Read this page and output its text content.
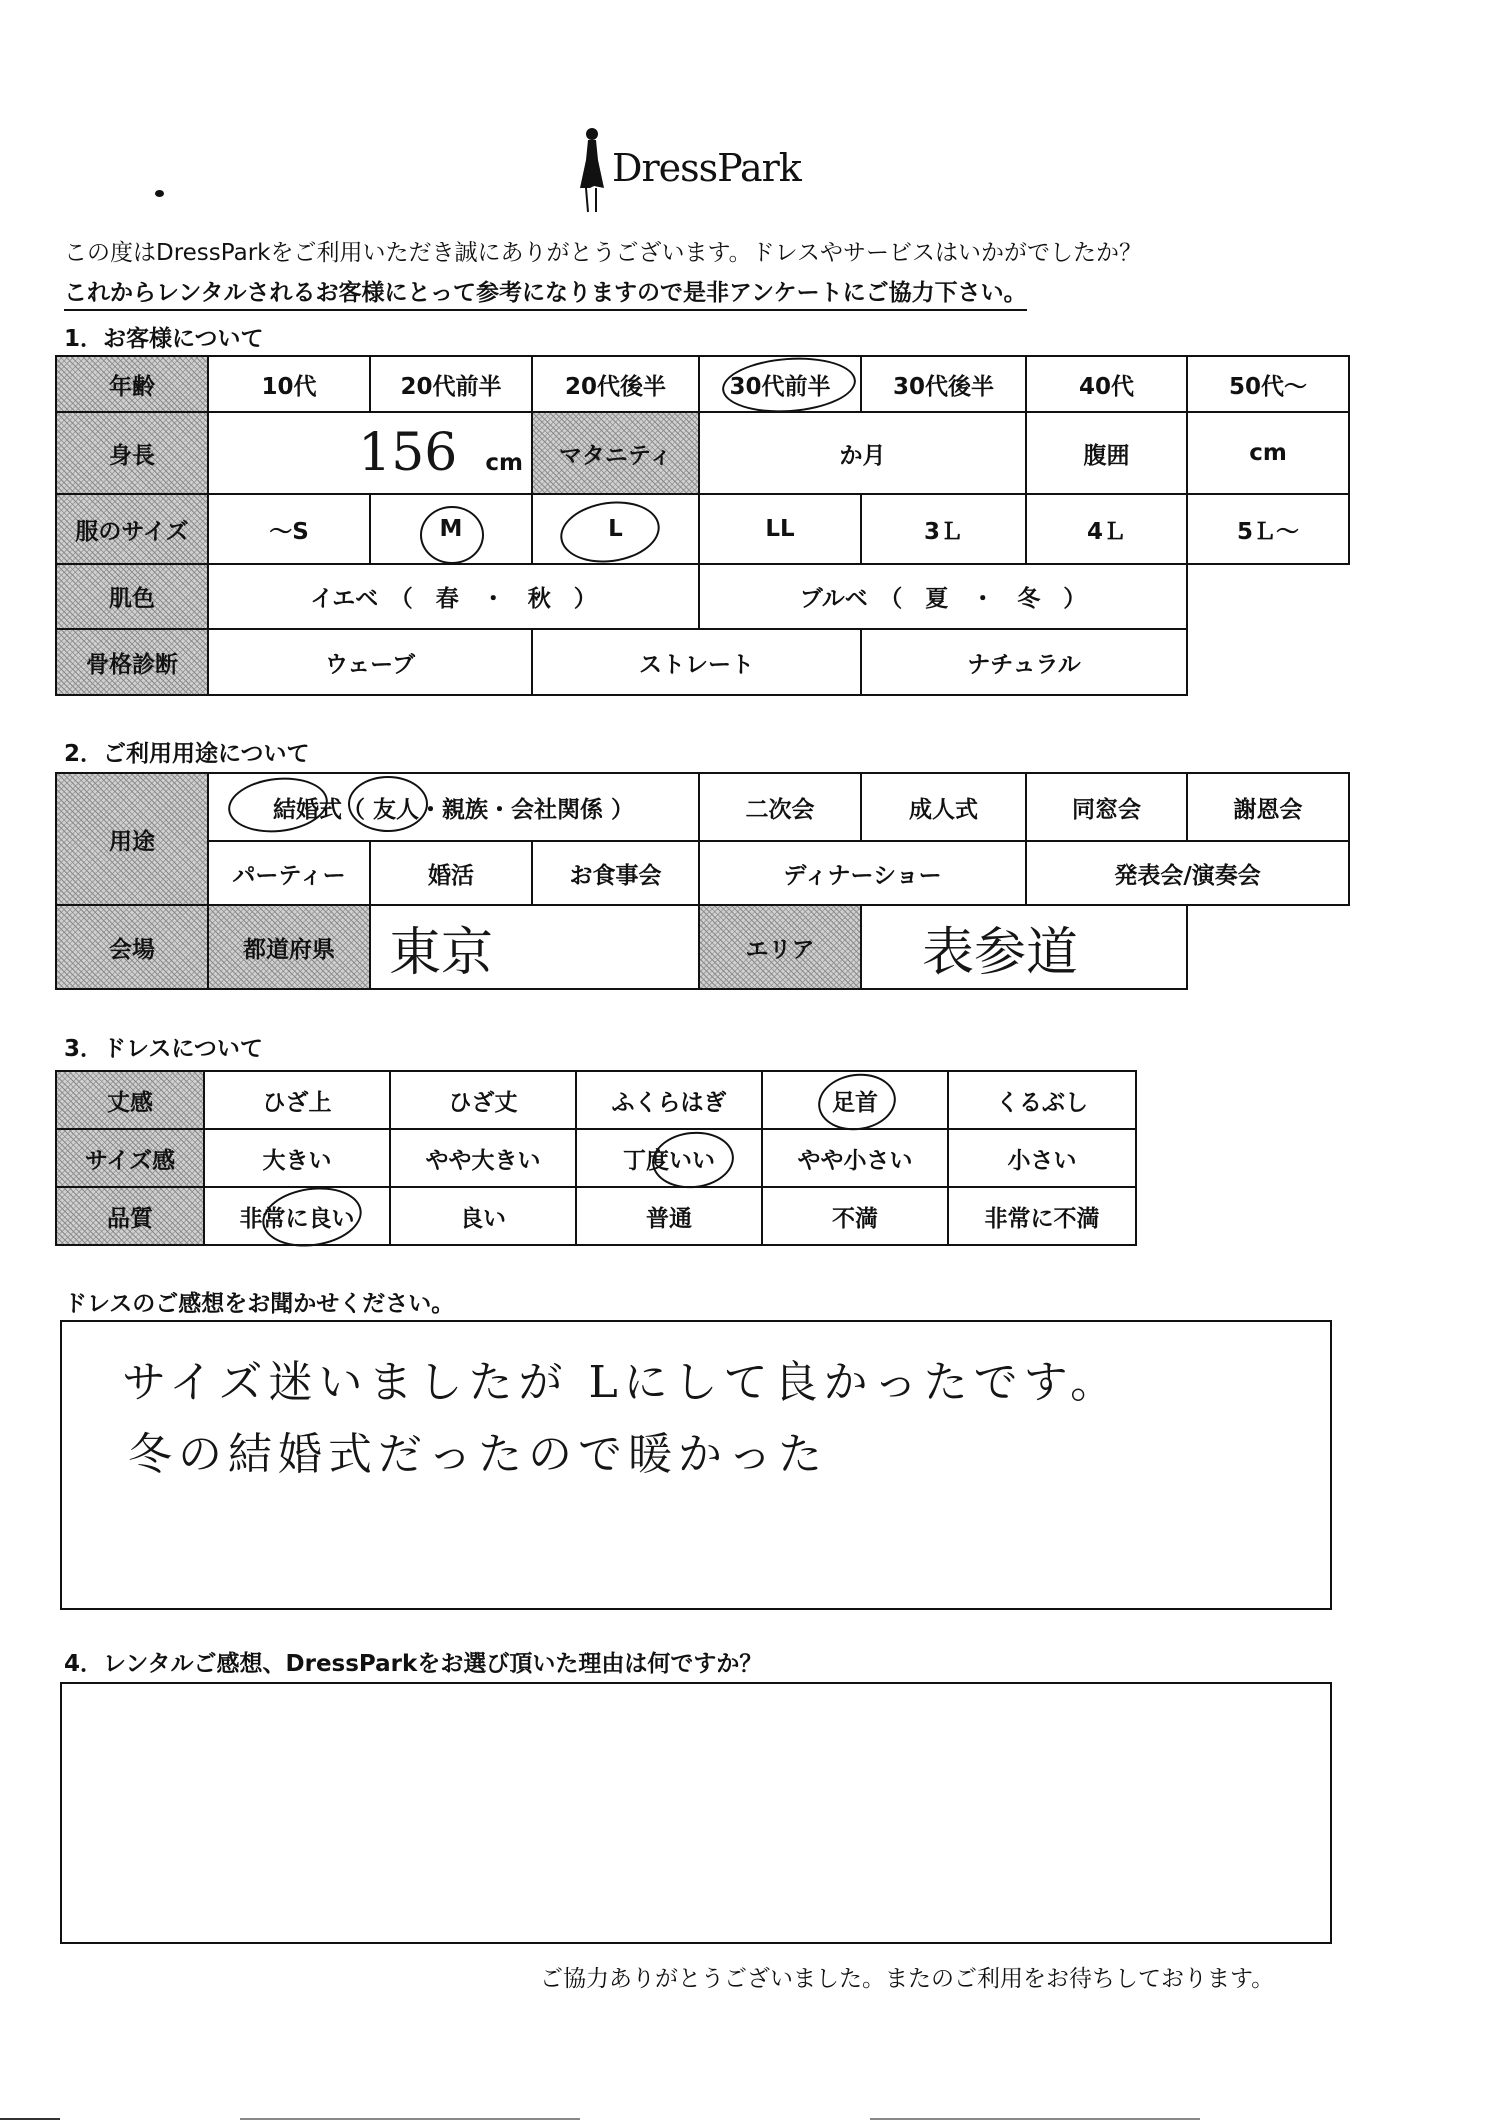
DressPark
この度はDressParkをご利用いただき誠にありがとうございます。ドレスやサービスはいかがでしたか？
これからレンタルされるお客様にとって参考になりますので是非アンケートにご協力下さい。
1．お客様について
年齢	10代	20代前半	20代後半	30代前半	30代後半	40代	50代～
身長	156 cm		マタニティ	か月		腹囲	cm
服のサイズ	～S	M	L	LL	3Ｌ	4Ｌ	5Ｌ～
肌色	イエベ　（　春　・　秋　）			ブルベ　（　夏　・　冬　）			
骨格診断	ウェーブ		ストレート		ナチュラル		
2．ご利用用途について
用途	結婚式（ 友人・親族・会社関係 ）			二次会	成人式	同窓会	謝恩会
	パーティー	婚活	お食事会	ディナーショー		発表会/演奏会	
会場	都道府県	東京		エリア	表参道		
3．ドレスについて
丈感	ひざ上	ひざ丈	ふくらはぎ	足首	くるぶし
サイズ感	大きい	やや大きい	丁度いい	やや小さい	小さい
品質	非常に良い	良い	普通	不満	非常に不満
ドレスのご感想をお聞かせください。
サイズ迷いましたが Lにして良かったです。
冬の結婚式だったので暖かった
4．レンタルご感想、DressParkをお選び頂いた理由は何ですか？
ご協力ありがとうございました。またのご利用をお待ちしております。
